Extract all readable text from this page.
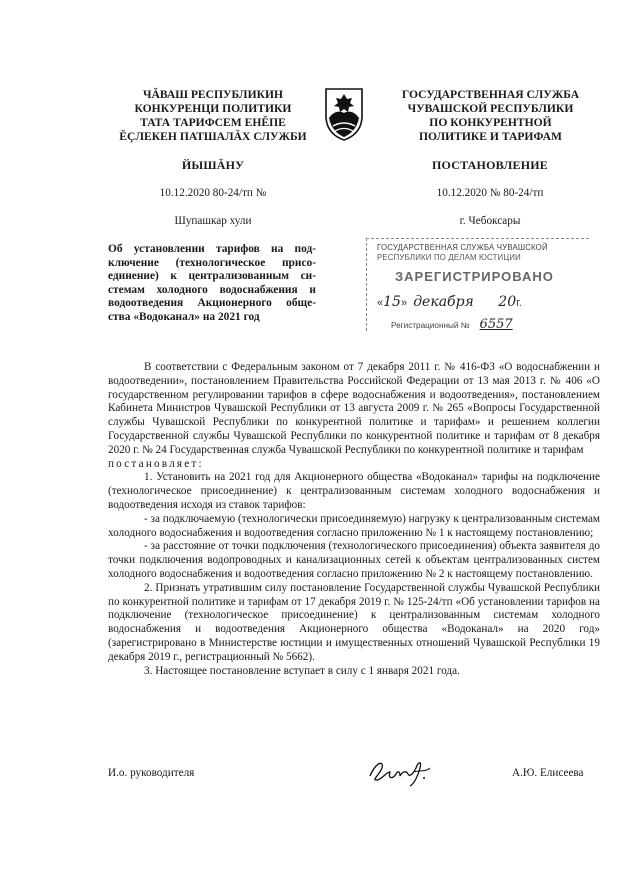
ЧĂВАШ РЕСПУБЛИКИН
КОНКУРЕНЦИ ПОЛИТИКИ
ТАТА ТАРИФСЕМ ЕНĔПЕ
ĔÇЛЕКЕН ПАТШАЛĂХ СЛУЖБИ
ГОСУДАРСТВЕННАЯ СЛУЖБА
ЧУВАШСКОЙ РЕСПУБЛИКИ
ПО КОНКУРЕНТНОЙ
ПОЛИТИКЕ И ТАРИФАМ
ЙЫШĂНУ	ПОСТАНОВЛЕНИЕ
10.12.2020 80-24/тп №	10.12.2020 № 80-24/тп
Шупашкар хули	г. Чебоксары
Об установлении тарифов на под-
ключение (технологическое присо-
единение) к централизованным си-
стемам холодного водоснабжения и
водоотведения Акционерного обще-
ства «Водоканал» на 2021 год
ГОСУДАРСТВЕННАЯ СЛУЖБА ЧУВАШСКОЙ
РЕСПУБЛИКИ ПО ДЕЛАМ ЮСТИЦИИ
ЗАРЕГИСТРИРОВАНО
«15»  декабря 20г.
Регистрационный № 6557

В соответствии с Федеральным законом от 7 декабря 2011 г. № 416-ФЗ «О водоснабжении и водоотведении», постановлением Правительства Российской Федерации от 13 мая 2013 г. № 406 «О государственном регулировании тарифов в сфере водоснабжения и водоотведения», постановлением Кабинета Министров Чувашской Республики от 13 августа 2009 г. № 265 «Вопросы Государственной службы Чувашской Республики по конкурентной политике и тарифам» и решением коллегии Государственной службы Чувашской Республики по конкурентной политике и тарифам от 8 декабря 2020 г. № 24 Государственная служба Чувашской Республики по конкурентной политике и тарифам

постановляет:

1. Установить на 2021 год для Акционерного общества «Водоканал» тарифы на подключение (технологическое присоединение) к централизованным системам холодного водоснабжения и водоотведения исходя из ставок тарифов:

- за подключаемую (технологически присоединяемую) нагрузку к централизованным системам холодного водоснабжения и водоотведения согласно приложению № 1 к настоящему постановлению;

- за расстояние от точки подключения (технологического присоединения) объекта заявителя до точки подключения водопроводных и канализационных сетей к объектам централизованных систем холодного водоснабжения и водоотведения согласно приложению № 2 к настоящему постановлению.

2. Признать утратившим силу постановление Государственной службы Чувашской Республики по конкурентной политике и тарифам от 17 декабря 2019 г. № 125-24/тп «Об установлении тарифов на подключение (технологическое присоединение) к централизованным системам холодного водоснабжения и водоотведения Акционерного общества «Водоканал» на 2020 год» (зарегистрировано в Министерстве юстиции и имущественных отношений Чувашской Республики 19 декабря 2019 г., регистрационный № 5662).

3. Настоящее постановление вступает в силу с 1 января 2021 года.

И.о. руководителя	А.Ю. Елисеева
